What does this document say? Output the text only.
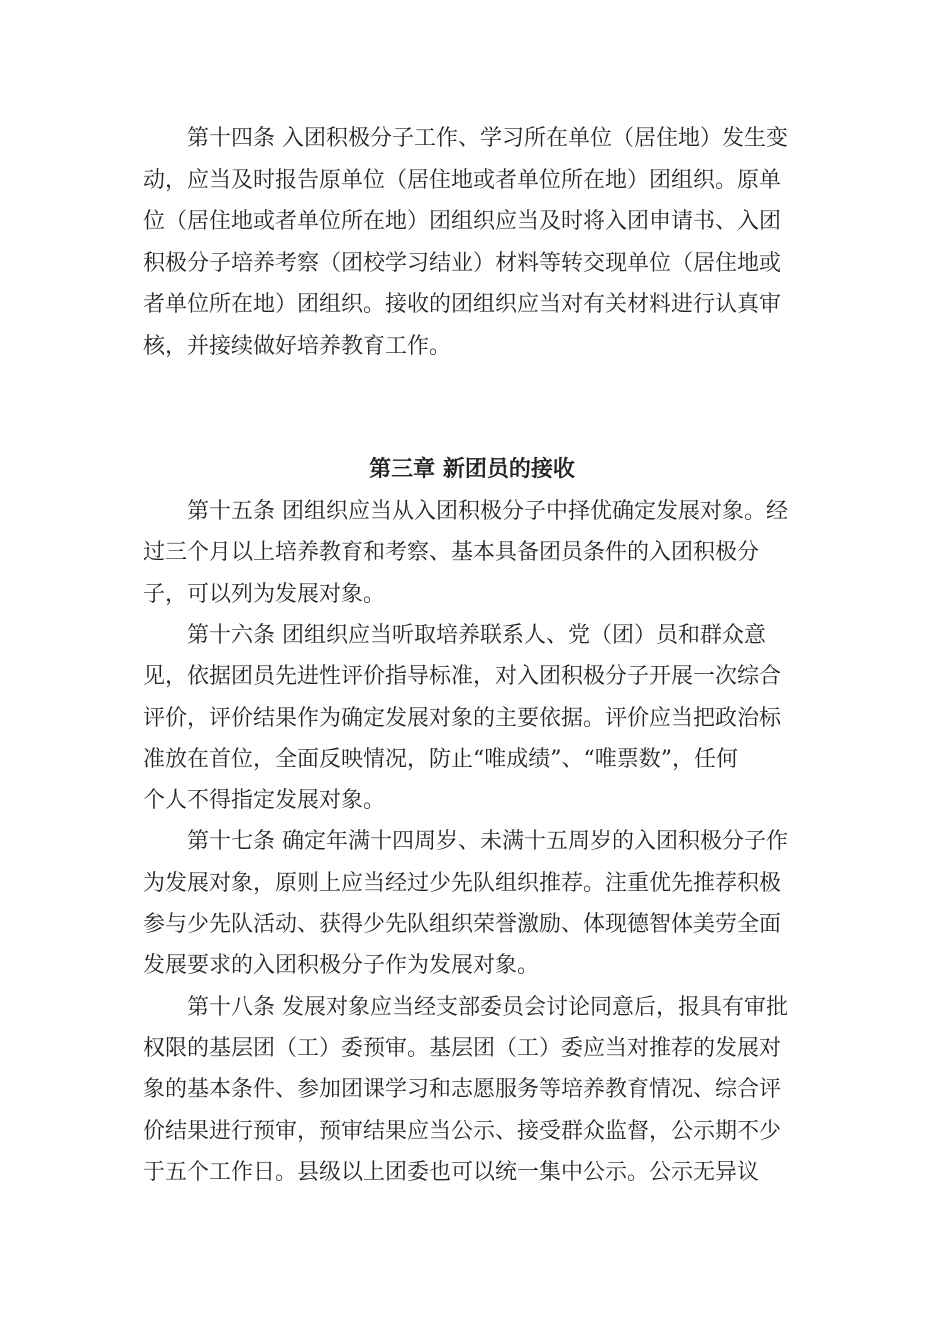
第十四条 入团积极分子工作、学习所在单位（居住地）发生变
动，应当及时报告原单位（居住地或者单位所在地）团组织。原单
位（居住地或者单位所在地）团组织应当及时将入团申请书、入团
积极分子培养考察（团校学习结业）材料等转交现单位（居住地或
者单位所在地）团组织。接收的团组织应当对有关材料进行认真审
核，并接续做好培养教育工作。
第三章 新团员的接收
第十五条 团组织应当从入团积极分子中择优确定发展对象。经
过三个月以上培养教育和考察、基本具备团员条件的入团积极分
子，可以列为发展对象。
第十六条 团组织应当听取培养联系人、党（团）员和群众意
见，依据团员先进性评价指导标准，对入团积极分子开展一次综合
评价，评价结果作为确定发展对象的主要依据。评价应当把政治标
准放在首位，全面反映情况，防止“唯成绩”、“唯票数”，任何
个人不得指定发展对象。
第十七条 确定年满十四周岁、未满十五周岁的入团积极分子作
为发展对象，原则上应当经过少先队组织推荐。注重优先推荐积极
参与少先队活动、获得少先队组织荣誉激励、体现德智体美劳全面
发展要求的入团积极分子作为发展对象。
第十八条 发展对象应当经支部委员会讨论同意后，报具有审批
权限的基层团（工）委预审。基层团（工）委应当对推荐的发展对
象的基本条件、参加团课学习和志愿服务等培养教育情况、综合评
价结果进行预审，预审结果应当公示、接受群众监督，公示期不少
于五个工作日。县级以上团委也可以统一集中公示。公示无异议
